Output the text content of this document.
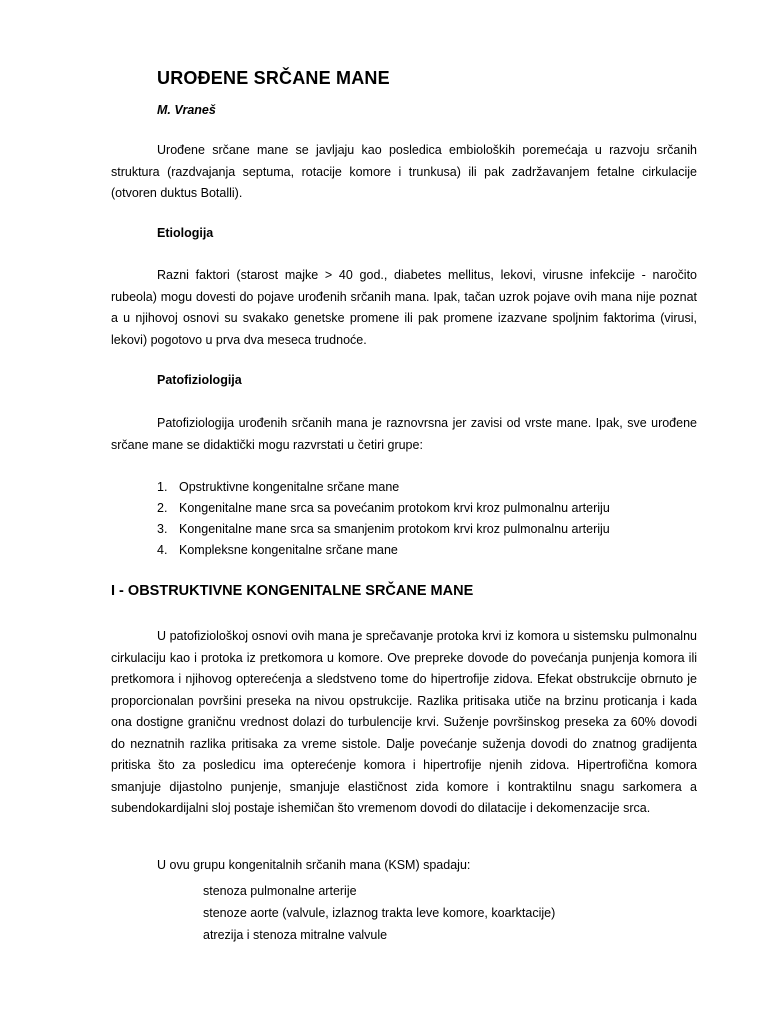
UROĐENE SRČANE MANE
M. Vraneš

Urođene srčane mane se javljaju kao posledica embioloških poremećaja u razvoju srčanih struktura (razdvajanja septuma, rotacije komore i trunkusa) ili pak zadržavanjem fetalne cirkulacije (otvoren duktus Botalli).

Etiologija

Razni faktori (starost majke > 40 god., diabetes mellitus, lekovi, virusne infekcije - naročito rubeola) mogu dovesti do pojave urođenih srčanih mana. Ipak, tačan uzrok pojave ovih mana nije poznat a u njihovoj osnovi su svakako genetske promene ili pak promene izazvane spoljnim faktorima (virusi, lekovi) pogotovo u prva dva meseca trudnoće.

Patofiziologija

Patofiziologija urođenih srčanih mana je raznovrsna jer zavisi od vrste mane. Ipak, sve urođene srčane mane se didaktički mogu razvrstati u četiri grupe:

1. Opstruktivne kongenitalne srčane mane
2. Kongenitalne mane srca sa povećanim protokom krvi kroz pulmonalnu arteriju
3. Kongenitalne mane srca sa smanjenim protokom krvi kroz pulmonalnu arteriju
4. Kompleksne kongenitalne srčane mane
I - OBSTRUKTIVNE KONGENITALNE SRČANE MANE

U patofiziološkoj osnovi ovih mana je sprečavanje protoka krvi iz komora u sistemsku pulmonalnu cirkulaciju kao i protoka iz pretkomora u komore. Ove prepreke dovode do povećanja punjenja komora ili pretkomora i njihovog opterećenja a sledstveno tome do hipertrofije zidova. Efekat obstrukcije obrnuto je proporcionalan površini preseka na nivou opstrukcije. Razlika pritisaka utiče na brzinu proticanja i kada ona dostigne graničnu vrednost dolazi do turbulencije krvi. Suženje površinskog preseka za 60% dovodi do neznatnih razlika pritisaka za vreme sistole. Dalje povećanje suženja dovodi do znatnog gradijenta pritiska što za posledicu ima opterećenje komora i hipertrofije njenih zidova. Hipertrofična komora smanjuje dijastolno punjenje, smanjuje elastičnost zida komore i kontraktilnu snagu sarkomera a subendokardijalni sloj postaje ishemičan što vremenom dovodi do dilatacije i dekomenzacije srca.

U ovu grupu kongenitalnih srčanih mana (KSM) spadaju:
stenoza pulmonalne arterije
stenoze aorte (valvule, izlaznog trakta leve komore, koarktacije)
atrezija i stenoza mitralne valvule
